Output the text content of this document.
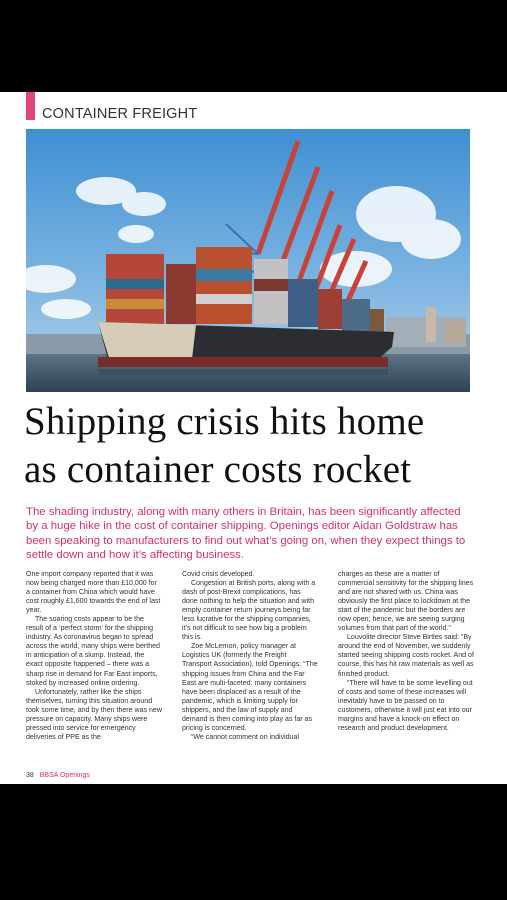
CONTAINER FREIGHT
Shipping crisis hits home
as container costs rocket

The shading industry, along with many others in Britain, has been significantly affected by a huge hike in the cost of container shipping. Openings editor Aidan Goldstraw has been speaking to manufacturers to find out what’s going on, when they expect things to settle down and how it’s affecting business.

One import company reported that it was now being charged more than £10,000 for a container from China which would have cost roughly £1,600 towards the end of last year.

The soaring costs appear to be the result of a ‘perfect storm’ for the shipping industry. As coronavirus began to spread across the world, many ships were berthed in anticipation of a slump. Instead, the exact opposite happened – there was a sharp rise in demand for Far East imports, stoked by increased online ordering.

Unfortunately, rather like the ships themselves, turning this situation around took some time, and by then there was new pressure on capacity. Many ships were pressed into service for emergency deliveries of PPE as the

Covid crisis developed.

Congestion at British ports, along with a dash of post-Brexit complications, has done nothing to help the situation and with empty container return journeys being far less lucrative for the shipping companies, it’s not difficult to see how big a problem this is.

Zoe McLernon, policy manager at Logistics UK (formerly the Freight Transport Association), told Openings: “The shipping issues from China and the Far East are multi-faceted: many containers have been displaced as a result of the pandemic, which is limiting supply for shippers, and the law of supply and demand is then coming into play as far as pricing is concerned.

“We cannot comment on individual

charges as these are a matter of commercial sensitivity for the shipping lines and are not shared with us. China was obviously the first place to lockdown at the start of the pandemic but the borders are now open; hence, we are seeing surging volumes from that part of the world.”

Louvolite director Steve Birtles said: “By around the end of November, we suddenly started seeing shipping costs rocket. And of course, this has hit raw materials as well as finished product.

“There will have to be some levelling out of costs and some of these increases will inevitably have to be passed on to customers, otherwise it will just eat into our margins and have a knock-on effect on research and product development.

38 BBSA Openings
